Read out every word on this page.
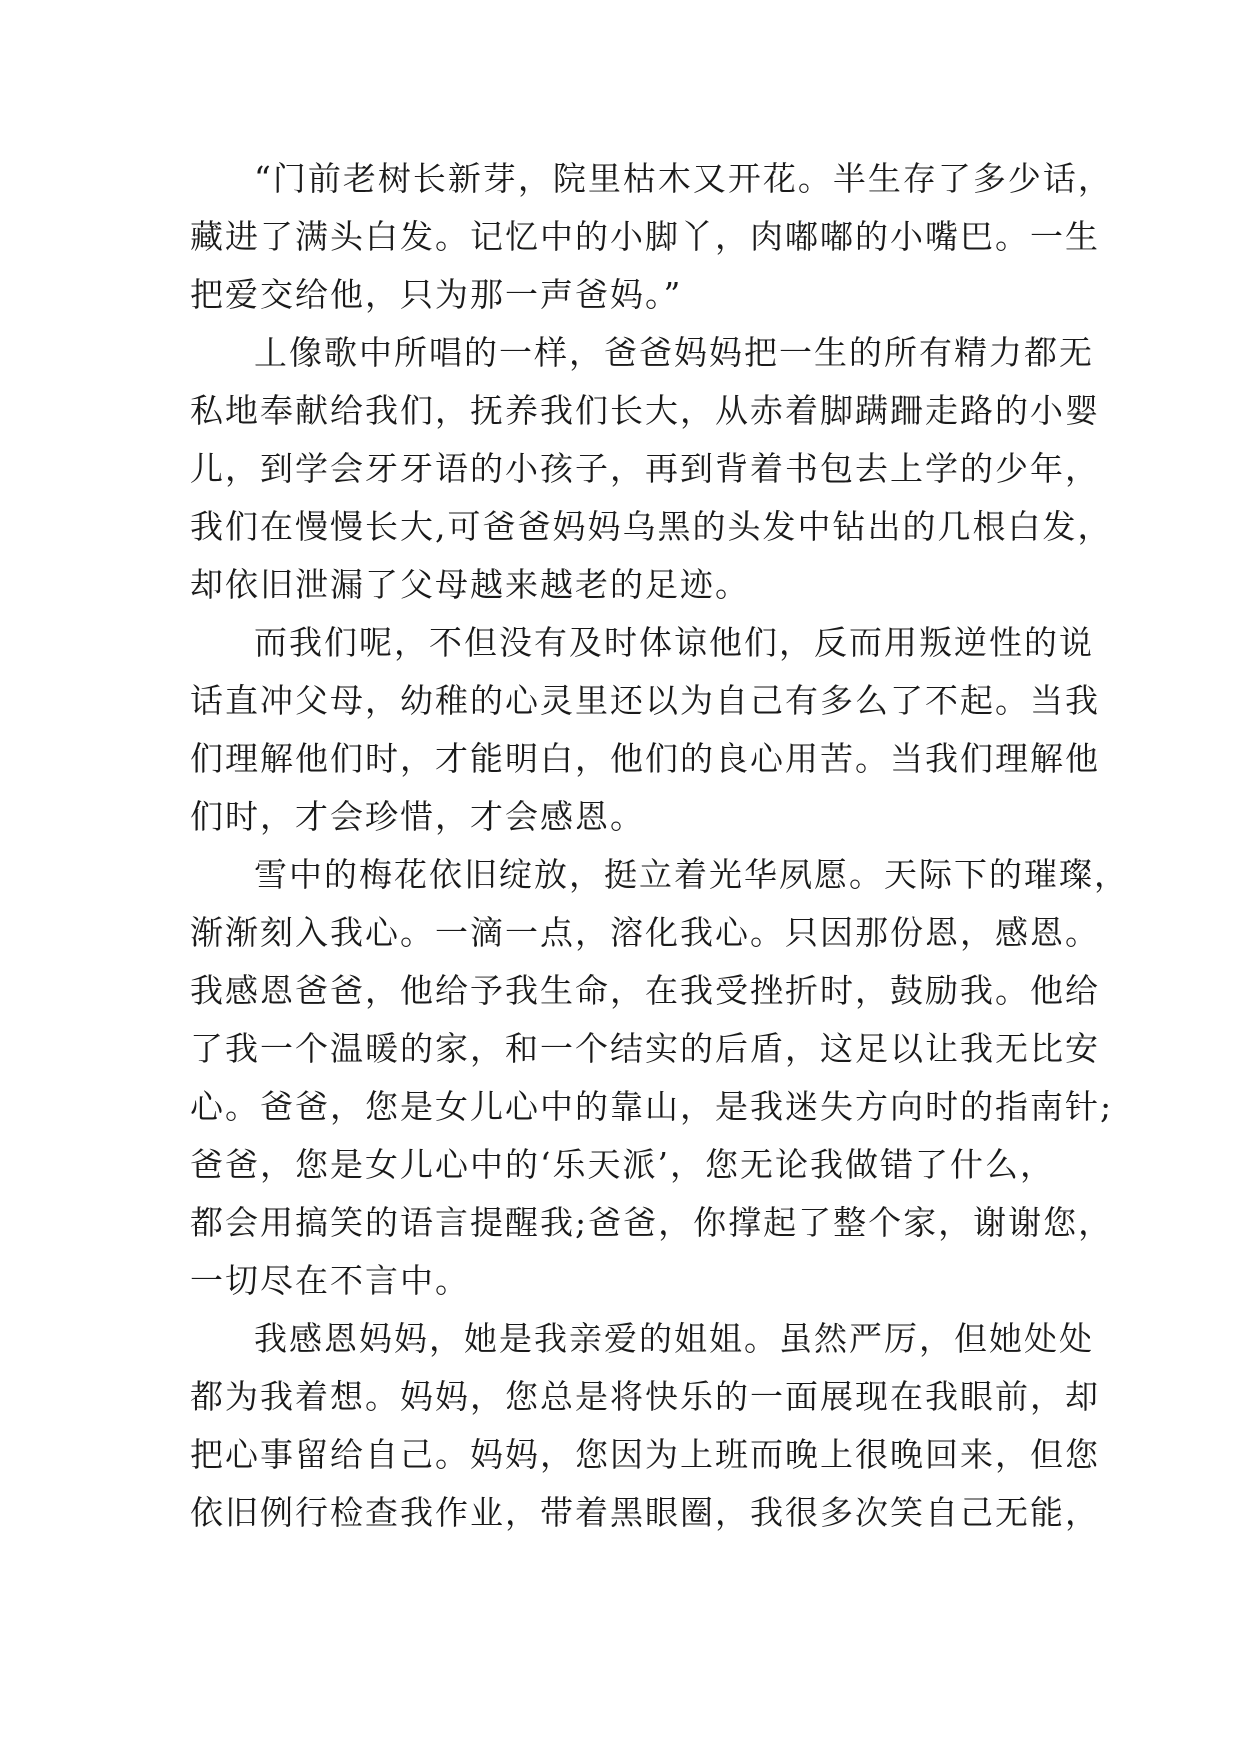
“门前老树长新芽，院里枯木又开花。半生存了多少话，
藏进了满头白发。记忆中的小脚丫，肉嘟嘟的小嘴巴。一生
把爱交给他，只为那一声爸妈。”
丄像歌中所唱的一样，爸爸妈妈把一生的所有精力都无
私地奉献给我们，抚养我们长大，从赤着脚蹒跚走路的小婴
儿，到学会牙牙语的小孩子，再到背着书包去上学的少年，
我们在慢慢长大,可爸爸妈妈乌黑的头发中钻出的几根白发，
却依旧泄漏了父母越来越老的足迹。
而我们呢，不但没有及时体谅他们，反而用叛逆性的说
话直冲父母，幼稚的心灵里还以为自己有多么了不起。当我
们理解他们时，才能明白，他们的良心用苦。当我们理解他
们时，才会珍惜，才会感恩。
雪中的梅花依旧绽放，挺立着光华夙愿。天际下的璀璨，
渐渐刻入我心。一滴一点，溶化我心。只因那份恩，感恩。
我感恩爸爸，他给予我生命，在我受挫折时，鼓励我。他给
了我一个温暖的家，和一个结实的后盾，这足以让我无比安
心。爸爸，您是女儿心中的靠山，是我迷失方向时的指南针;
爸爸，您是女儿心中的‘乐天派’，您无论我做错了什么，
都会用搞笑的语言提醒我;爸爸，你撑起了整个家，谢谢您，
一切尽在不言中。
我感恩妈妈，她是我亲爱的姐姐。虽然严厉，但她处处
都为我着想。妈妈，您总是将快乐的一面展现在我眼前，却
把心事留给自己。妈妈，您因为上班而晚上很晚回来，但您
依旧例行检查我作业，带着黑眼圈，我很多次笑自己无能，
